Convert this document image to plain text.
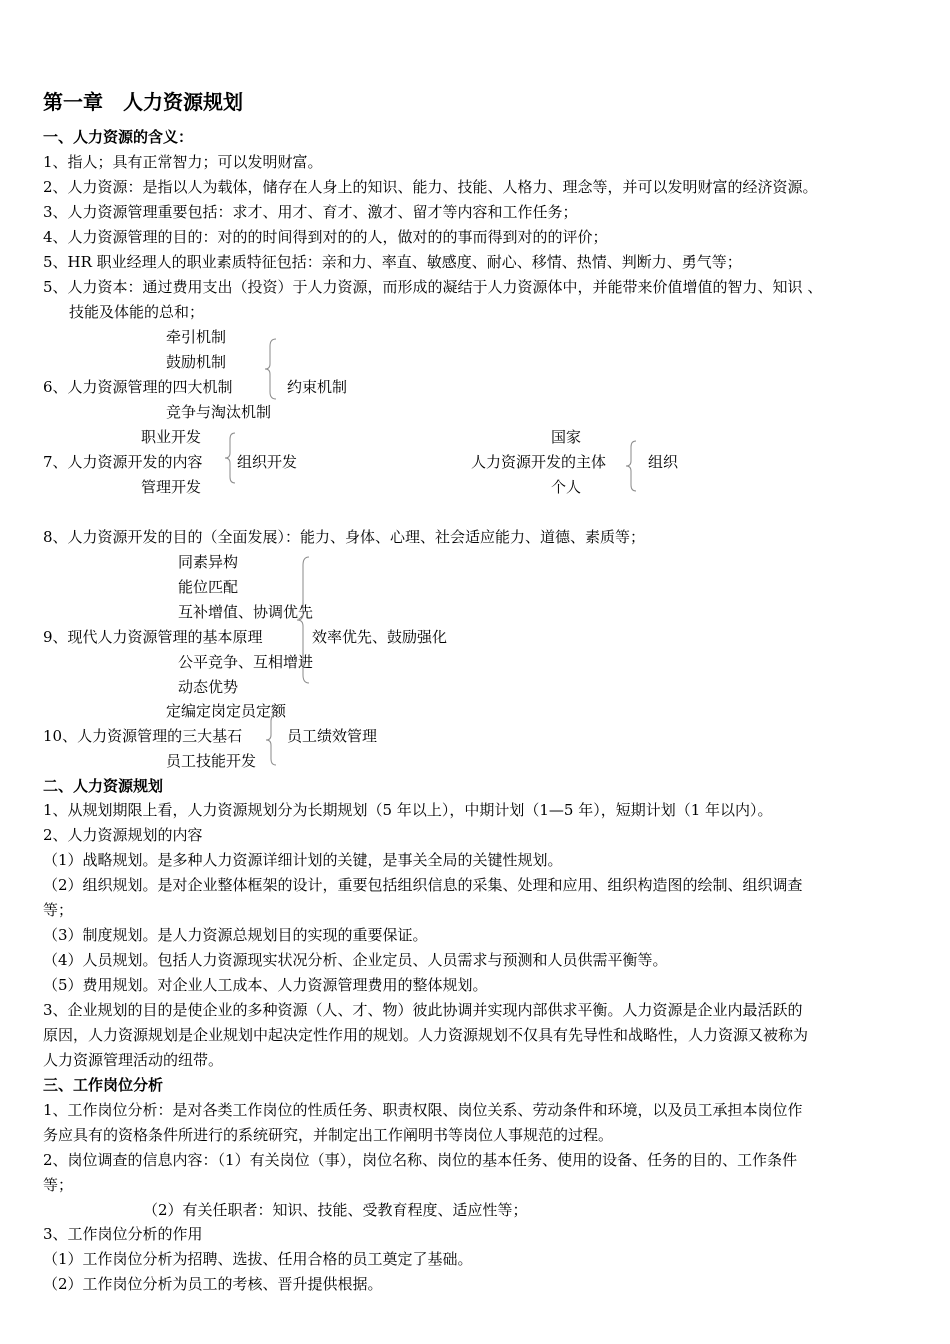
第一章　人力资源规划
一、人力资源的含义：
1、指人；具有正常智力；可以发明财富。
2、人力资源：是指以人为载体，储存在人身上的知识、能力、技能、人格力、理念等，并可以发明财富的经济资源。
3、人力资源管理重要包括：求才、用才、育才、激才、留才等内容和工作任务；
4、人力资源管理的目的：对的的时间得到对的的人，做对的的事而得到对的的评价；
5、HR 职业经理人的职业素质特征包括：亲和力、率直、敏感度、耐心、移情、热情、判断力、勇气等；
5、人力资本：通过费用支出（投资）于人力资源，而形成的凝结于人力资源体中，并能带来价值增值的智力、知识 、
技能及体能的总和；
牵引机制
鼓励机制
6、人力资源管理的四大机制	约束机制
竞争与淘汰机制
职业开发
7、人力资源开发的内容 组织开发
管理开发
国家
人力资源开发的主体	组织
个人
8、人力资源开发的目的（全面发展）：能力、身体、心理、社会适应能力、道德、素质等；
同素异构
能位匹配
互补增值、协调优先
9、现代人力资源管理的基本原理	效率优先、鼓励强化
公平竞争、互相增进
动态优势
定编定岗定员定额
10、人力资源管理的三大基石	员工绩效管理
员工技能开发
二、人力资源规划
1、从规划期限上看，人力资源规划分为长期规划（5 年以上），中期计划（1—5 年），短期计划（1 年以内）。
2、人力资源规划的内容
（1）战略规划。是多种人力资源详细计划的关键，是事关全局的关键性规划。
（2）组织规划。是对企业整体框架的设计，重要包括组织信息的采集、处理和应用、组织构造图的绘制、组织调查
等；
（3）制度规划。是人力资源总规划目的实现的重要保证。
（4）人员规划。包括人力资源现实状况分析、企业定员、人员需求与预测和人员供需平衡等。
（5）费用规划。对企业人工成本、人力资源管理费用的整体规划。
3、企业规划的目的是使企业的多种资源（人、才、物）彼此协调并实现内部供求平衡。人力资源是企业内最活跃的
原因，人力资源规划是企业规划中起决定性作用的规划。人力资源规划不仅具有先导性和战略性，人力资源又被称为
人力资源管理活动的纽带。
三、工作岗位分析
1、工作岗位分析：是对各类工作岗位的性质任务、职责权限、岗位关系、劳动条件和环境，以及员工承担本岗位作
务应具有的资格条件所进行的系统研究，并制定出工作阐明书等岗位人事规范的过程。
2、岗位调查的信息内容：（1）有关岗位（事），岗位名称、岗位的基本任务、使用的设备、任务的目的、工作条件
等；
（2）有关任职者：知识、技能、受教育程度、适应性等；
3、工作岗位分析的作用
（1）工作岗位分析为招聘、选拔、任用合格的员工奠定了基础。
（2）工作岗位分析为员工的考核、晋升提供根据。
